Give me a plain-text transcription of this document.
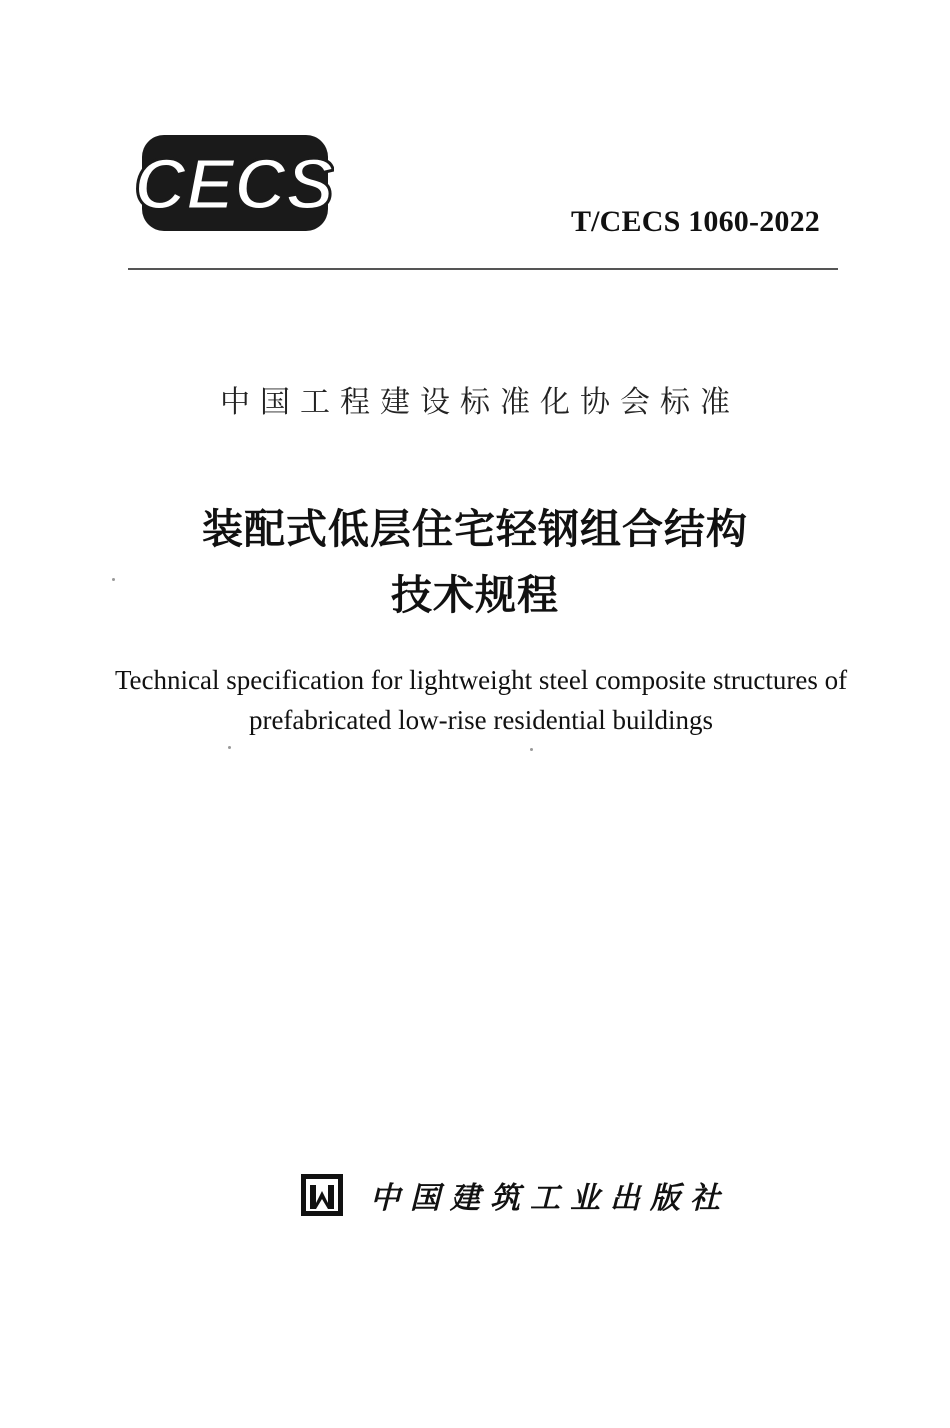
CECS	T/CECS 1060-2022
中国工程建设标准化协会标准
装配式低层住宅轻钢组合结构
技术规程
Technical specification for lightweight steel composite structures of
prefabricated low-rise residential buildings
中国建筑工业出版社
